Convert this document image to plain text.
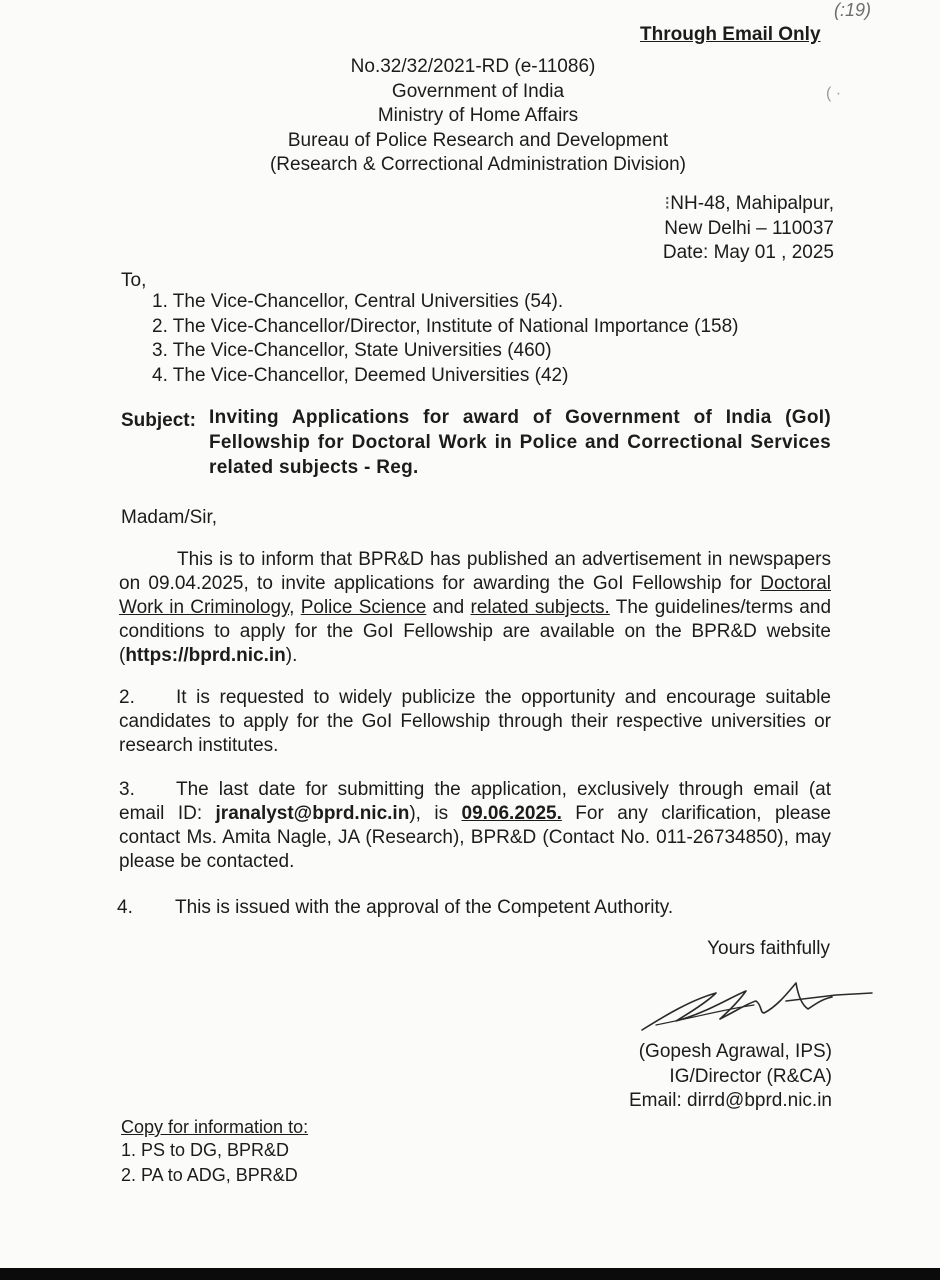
(:19)
( ·
Through Email Only
No.32/32/2021-RD (e-11086)
Government of India
Ministry of Home Affairs
Bureau of Police Research and Development
(Research & Correctional Administration Division)
⁝NH-48, Mahipalpur,
New Delhi – 110037
Date: May 01 , 2025
To,
1. The Vice-Chancellor, Central Universities (54).
2. The Vice-Chancellor/Director, Institute of National Importance (158)
3. The Vice-Chancellor, State Universities (460)
4. The Vice-Chancellor, Deemed Universities (42)
Subject: Inviting Applications for award of Government of India (GoI) Fellowship for Doctoral Work in Police and Correctional Services related subjects - Reg.
Madam/Sir,
This is to inform that BPR&D has published an advertisement in newspapers on 09.04.2025, to invite applications for awarding the GoI Fellowship for Doctoral Work in Criminology, Police Science and related subjects. The guidelines/terms and conditions to apply for the GoI Fellowship are available on the BPR&D website (https://bprd.nic.in).
2. It is requested to widely publicize the opportunity and encourage suitable candidates to apply for the GoI Fellowship through their respective universities or research institutes.
3. The last date for submitting the application, exclusively through email (at email ID: jranalyst@bprd.nic.in), is 09.06.2025. For any clarification, please contact Ms. Amita Nagle, JA (Research), BPR&D (Contact No. 011-26734850), may please be contacted.
4. This is issued with the approval of the Competent Authority.
Yours faithfully
(Gopesh Agrawal, IPS)
IG/Director (R&CA)
Email: dirrd@bprd.nic.in
Copy for information to:
1. PS to DG, BPR&D
2. PA to ADG, BPR&D
